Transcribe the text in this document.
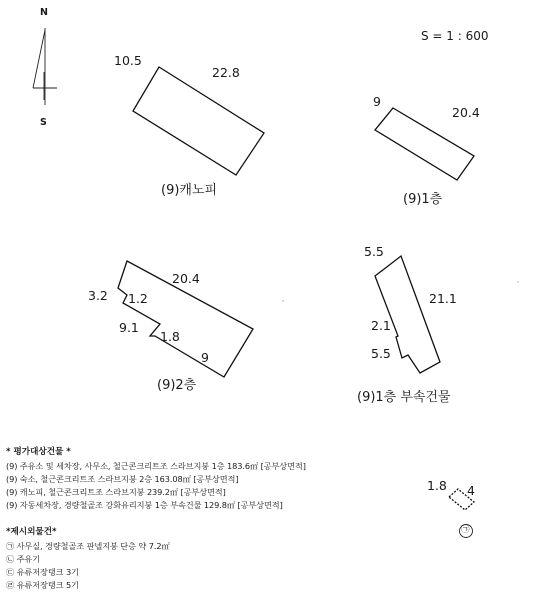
N
S
S = 1 : 600
10.5
22.8
(9)캐노피
9
20.4
(9)1층
20.4
3.2 1.2
9.1
1.8
9
(9)2층
5.5
21.1
2.1
5.5
(9)1층 부속건물
1.8 4
㉠
* 평가대상건물 *
(9) 주유소 및 세차장, 사무소, 철근콘크리트조 스라브지붕 1층 183.6㎡ [공부상면적]
(9) 숙소, 철근콘크리트조 스라브지붕 2층 163.08㎡ [공부상면적]
(9) 캐노피, 철근콘크리트조 스라브지붕 239.2㎡ [공부상면적]
(9) 자동세차장, 경량철골조 강화유리지붕 1층 부속건물 129.8㎡ [공부상면적]
*제시외물건*
㉠ 사무실, 경량철골조 판넬지붕 단층 약 7.2㎡
㉡ 주유기
㉢ 유류저장탱크 3기
㉣ 유류저장탱크 5기
